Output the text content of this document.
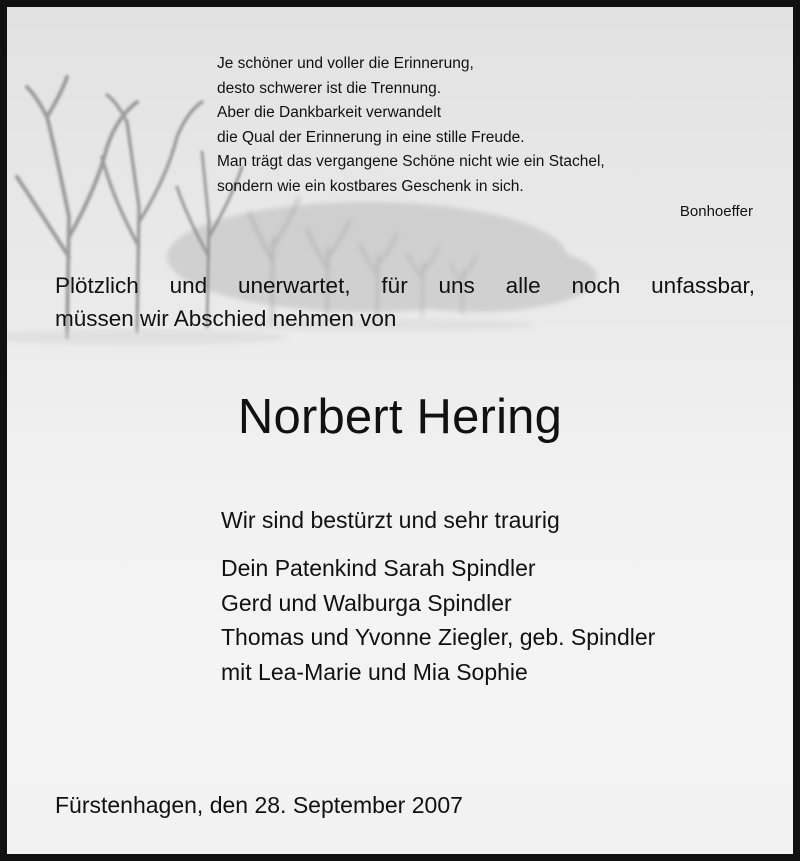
Je schöner und voller die Erinnerung,
desto schwerer ist die Trennung.
Aber die Dankbarkeit verwandelt
die Qual der Erinnerung in eine stille Freude.
Man trägt das vergangene Schöne nicht wie ein Stachel,
sondern wie ein kostbares Geschenk in sich.
Bonhoeffer
Plötzlich und unerwartet, für uns alle noch unfassbar,
müssen wir Abschied nehmen von
Norbert Hering
Wir sind bestürzt und sehr traurig
Dein Patenkind Sarah Spindler
Gerd und Walburga Spindler
Thomas und Yvonne Ziegler, geb. Spindler
mit Lea-Marie und Mia Sophie
Fürstenhagen, den 28. September 2007
